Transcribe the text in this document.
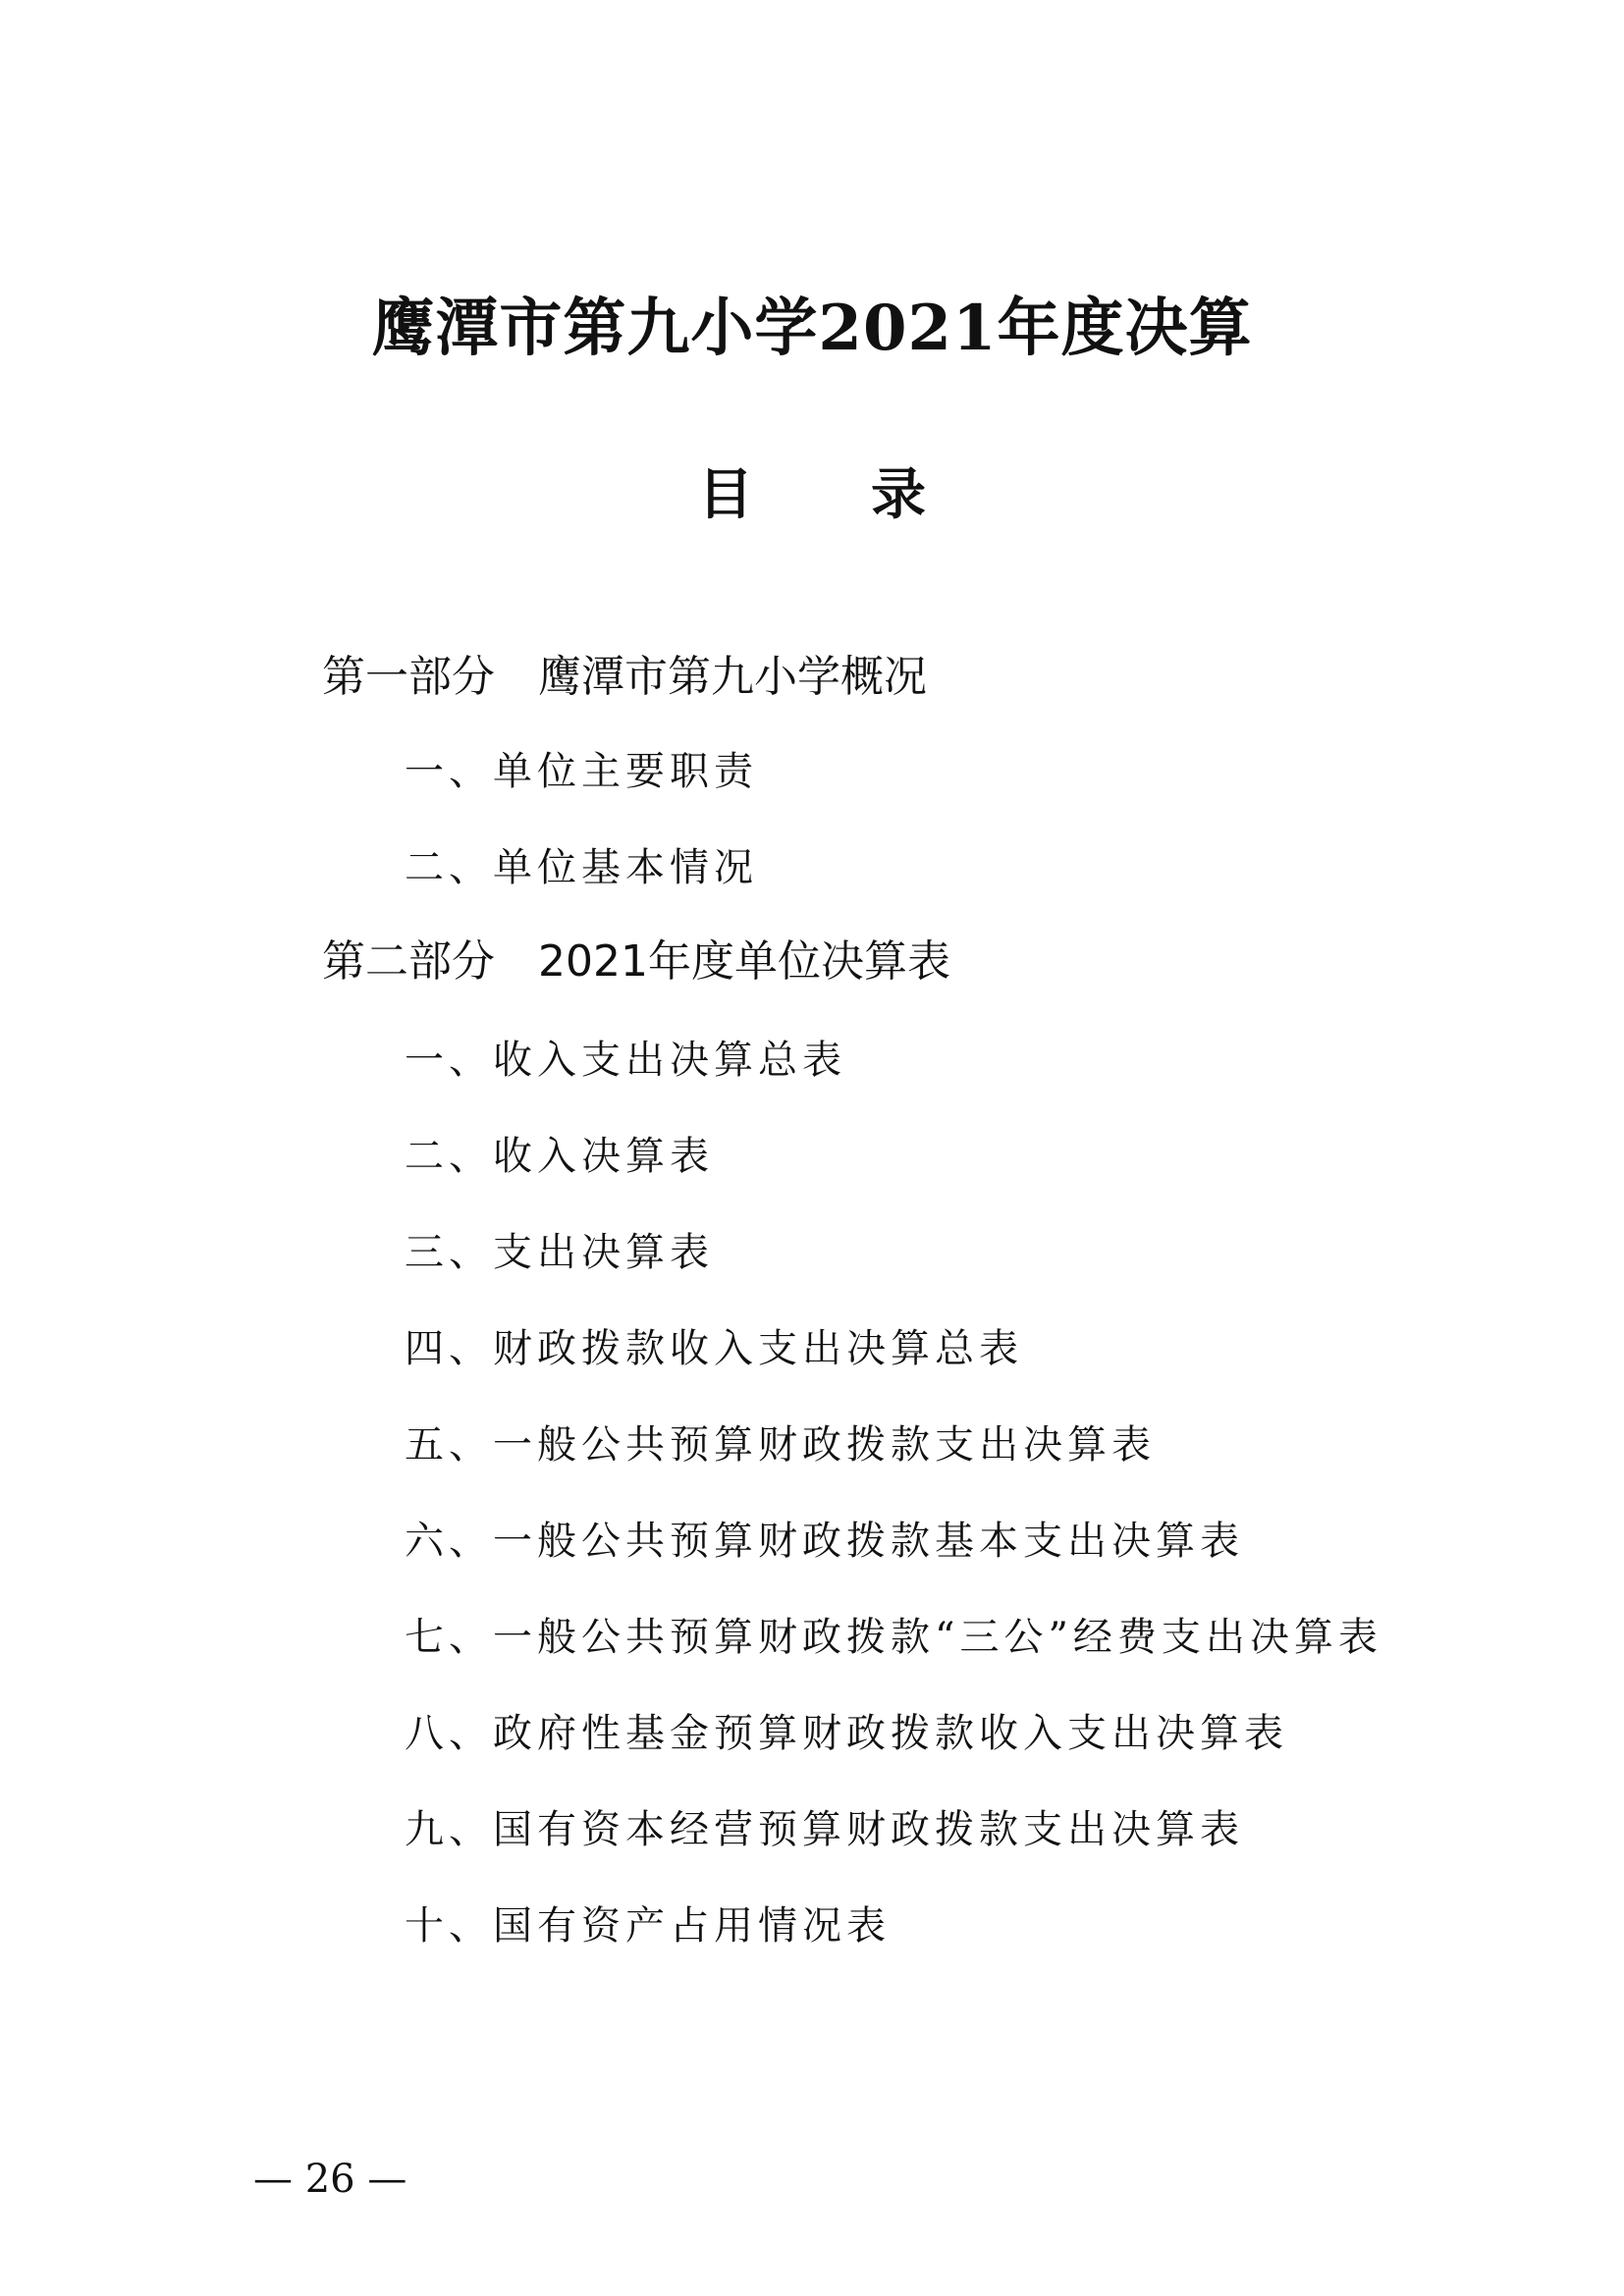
鹰潭市第九小学2021年度决算
目 录
第一部分 鹰潭市第九小学概况
一、单位主要职责
二、单位基本情况
第二部分 2021年度单位决算表
一、收入支出决算总表
二、收入决算表
三、支出决算表
四、财政拨款收入支出决算总表
五、一般公共预算财政拨款支出决算表
六、一般公共预算财政拨款基本支出决算表
七、一般公共预算财政拨款“三公”经费支出决算表
八、政府性基金预算财政拨款收入支出决算表
九、国有资本经营预算财政拨款支出决算表
十、国有资产占用情况表
— 26 —
